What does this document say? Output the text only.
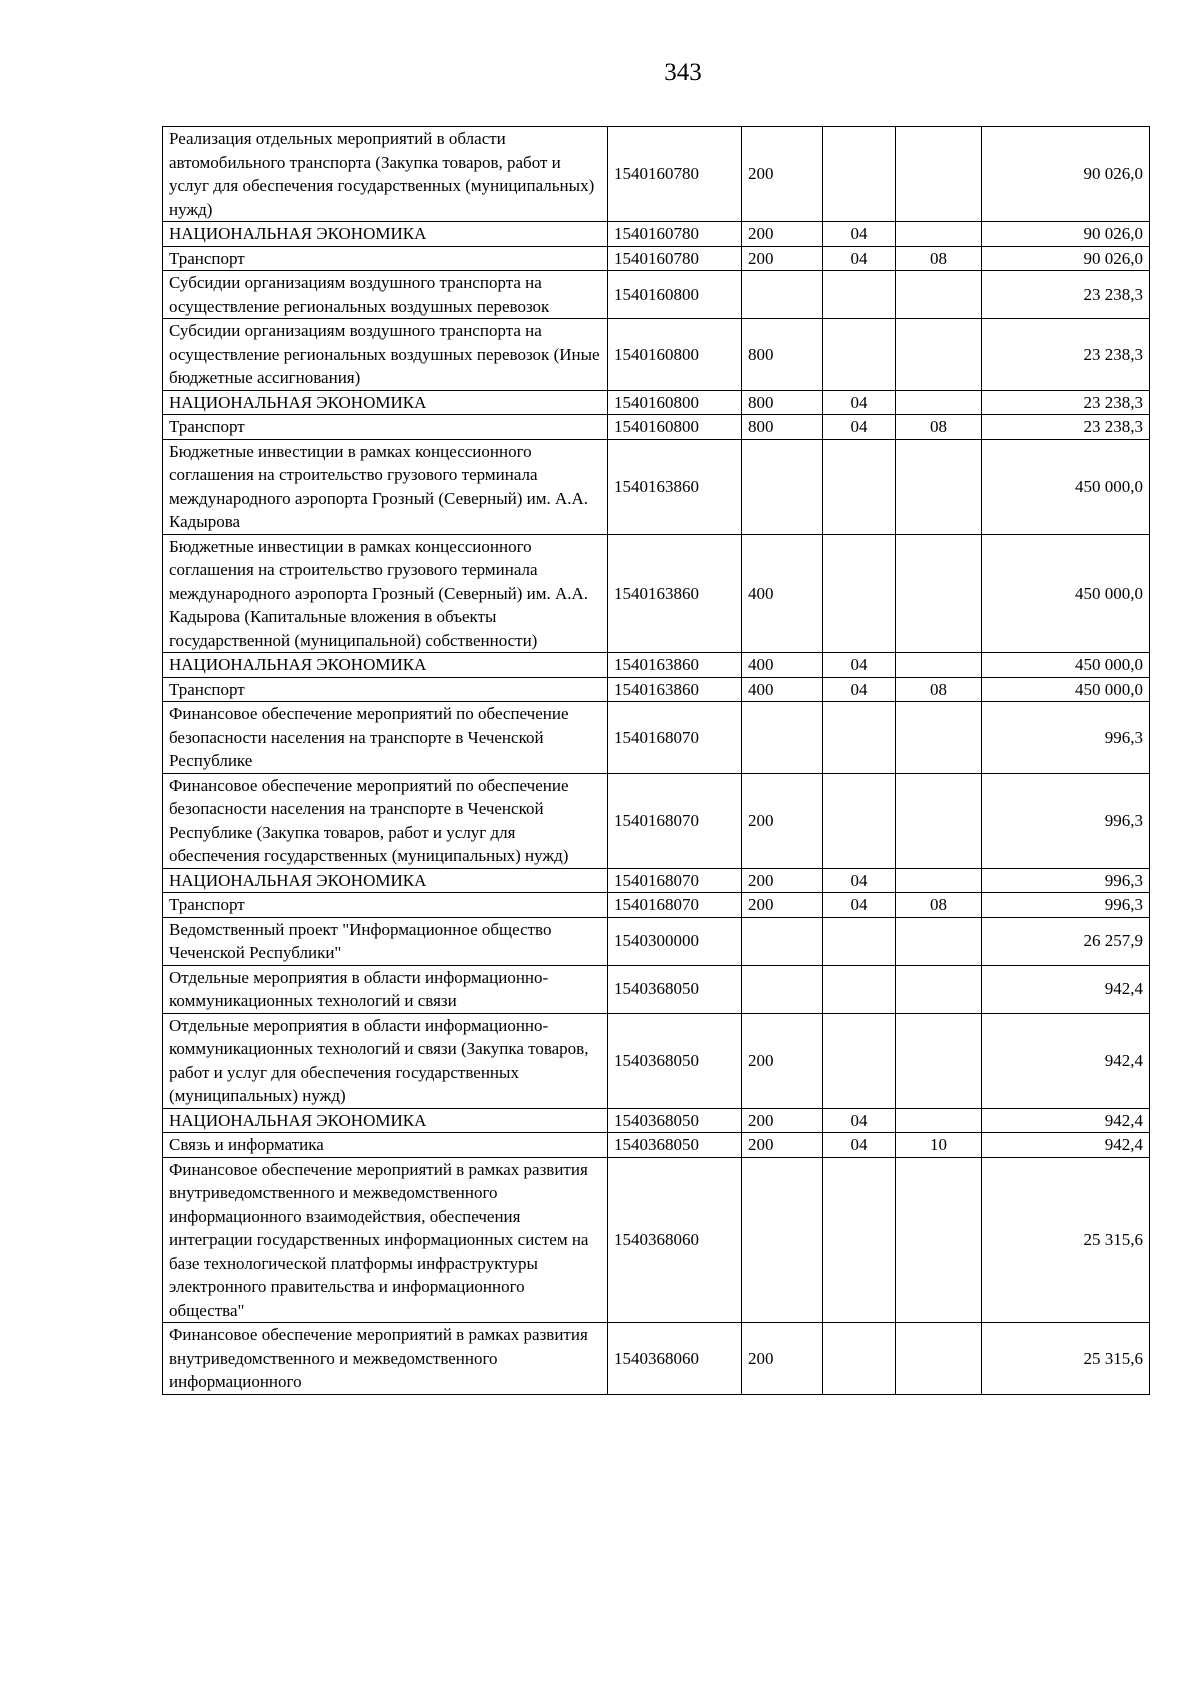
343
Реализация отдельных мероприятий в области автомобильного транспорта (Закупка товаров, работ и услуг для обеспечения государственных (муниципальных) нужд)	1540160780	200			90 026,0
НАЦИОНАЛЬНАЯ ЭКОНОМИКА	1540160780	200	04		90 026,0
Транспорт	1540160780	200	04	08	90 026,0
Субсидии организациям воздушного транспорта на осуществление региональных воздушных перевозок	1540160800				23 238,3
Субсидии организациям воздушного транспорта на осуществление региональных воздушных перевозок (Иные бюджетные ассигнования)	1540160800	800			23 238,3
НАЦИОНАЛЬНАЯ ЭКОНОМИКА	1540160800	800	04		23 238,3
Транспорт	1540160800	800	04	08	23 238,3
Бюджетные инвестиции в рамках концессионного соглашения на строительство грузового терминала международного аэропорта Грозный (Северный) им. А.А. Кадырова	1540163860				450 000,0
Бюджетные инвестиции в рамках концессионного соглашения на строительство грузового терминала международного аэропорта Грозный (Северный) им. А.А. Кадырова (Капитальные вложения в объекты государственной (муниципальной) собственности)	1540163860	400			450 000,0
НАЦИОНАЛЬНАЯ ЭКОНОМИКА	1540163860	400	04		450 000,0
Транспорт	1540163860	400	04	08	450 000,0
Финансовое обеспечение мероприятий по обеспечение безопасности населения на транспорте в Чеченской Республике	1540168070				996,3
Финансовое обеспечение мероприятий по обеспечение безопасности населения на транспорте в Чеченской Республике (Закупка товаров, работ и услуг для обеспечения государственных (муниципальных) нужд)	1540168070	200			996,3
НАЦИОНАЛЬНАЯ ЭКОНОМИКА	1540168070	200	04		996,3
Транспорт	1540168070	200	04	08	996,3
Ведомственный проект "Информационное общество Чеченской Республики"	1540300000				26 257,9
Отдельные мероприятия в области информационно-коммуникационных технологий и связи	1540368050				942,4
Отдельные мероприятия в области информационно-коммуникационных технологий и связи (Закупка товаров, работ и услуг для обеспечения государственных (муниципальных) нужд)	1540368050	200			942,4
НАЦИОНАЛЬНАЯ ЭКОНОМИКА	1540368050	200	04		942,4
Связь и информатика	1540368050	200	04	10	942,4
Финансовое обеспечение мероприятий в рамках развития внутриведомственного и межведомственного информационного взаимодействия, обеспечения интеграции государственных информационных систем на базе технологической платформы инфраструктуры электронного правительства и информационного общества"	1540368060				25 315,6
Финансовое обеспечение мероприятий в рамках развития внутриведомственного и межведомственного информационного	1540368060	200			25 315,6
